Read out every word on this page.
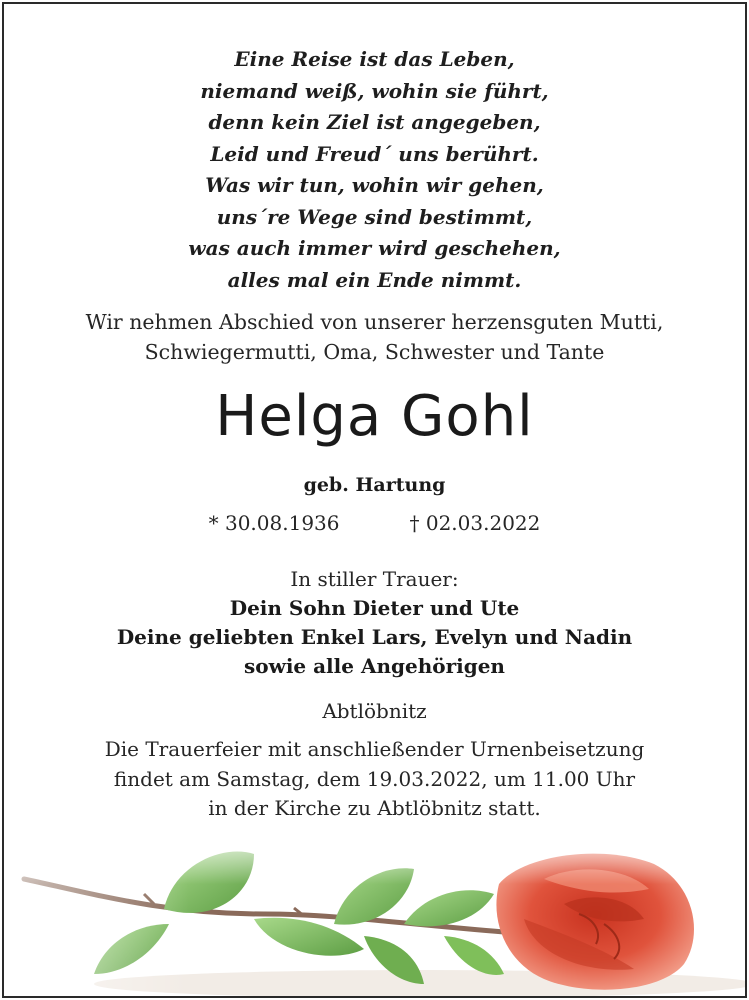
Eine Reise ist das Leben,
niemand weiß, wohin sie führt,
denn kein Ziel ist angegeben,
Leid und Freud´ uns berührt.
Was wir tun, wohin wir gehen,
uns´re Wege sind bestimmt,
was auch immer wird geschehen,
alles mal ein Ende nimmt.
Wir nehmen Abschied von unserer herzensguten Mutti,
Schwiegermutti, Oma, Schwester und Tante
Helga Gohl
geb. Hartung
* 30.08.1936	† 02.03.2022
In stiller Trauer:
Dein Sohn Dieter und Ute
Deine geliebten Enkel Lars, Evelyn und Nadin
sowie alle Angehörigen
Abtlöbnitz
Die Trauerfeier mit anschließender Urnenbeisetzung
findet am Samstag, dem 19.03.2022, um 11.00 Uhr
in der Kirche zu Abtlöbnitz statt.
